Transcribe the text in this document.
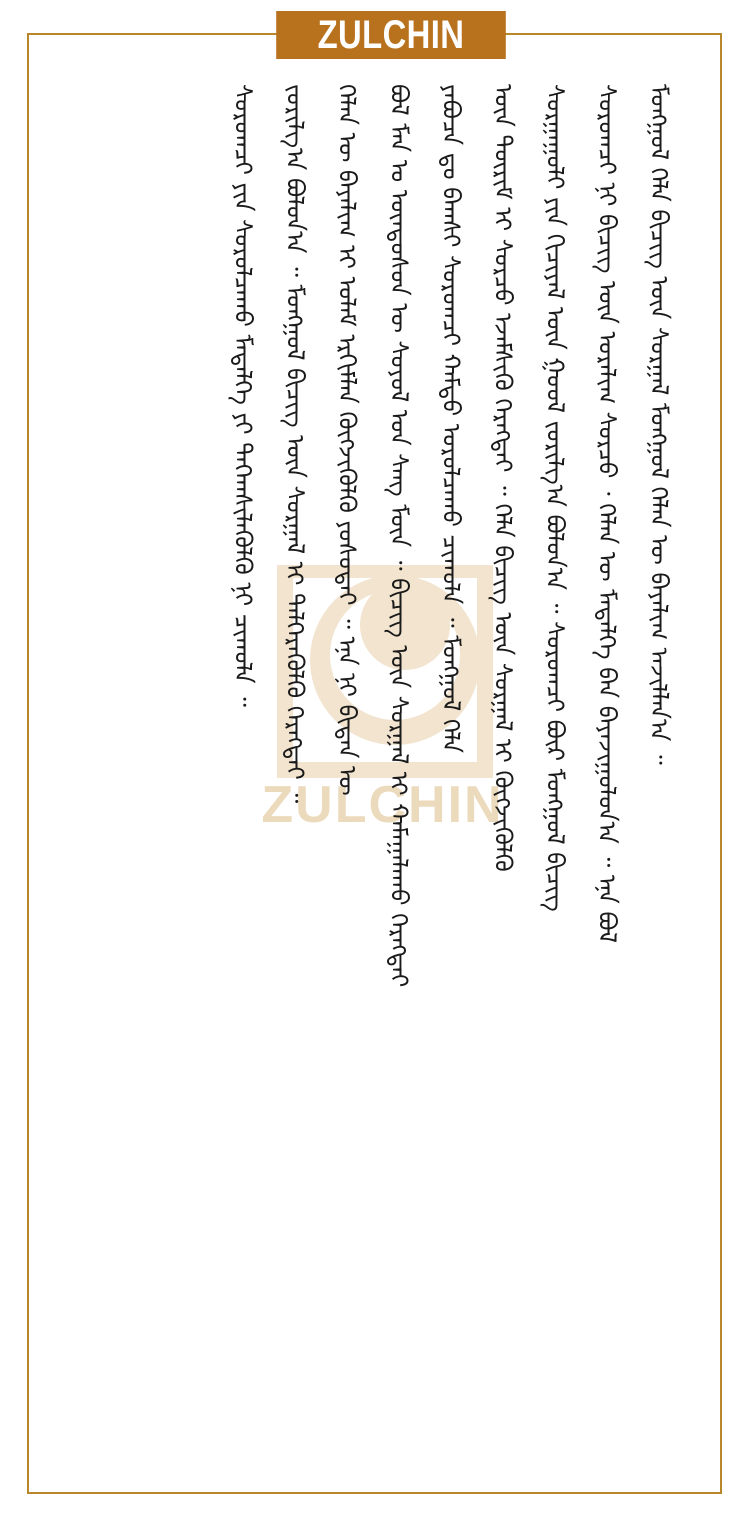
ZULCHIN
ZULCHIN
ᠮᠣᠩᠭᠣᠯ ᠬᠡᠯᠡ ᠪᠢᠴᠢᠭ ᠦᠨ ᠰᠤᠷᠭᠠᠯ ᠮᠣᠩᠭᠣᠯ ᠬᠡᠯᠡᠨ ᠦ ᠪᠠᠶᠠᠯᠢᠭ ᠠᠵᠢᠯᠯᠠᠨ᠎ᠠ ᠃
ᠰᠤᠷᠤᠭᠴᠢ ᠨᠢ ᠪᠢᠴᠢᠭ ᠦᠨ ᠤᠷᠠᠯᠢᠭ ᠰᠤᠷᠴᠤ ᠂ ᠬᠡᠯᠡᠨ ᠦ ᠮᠡᠳᠡᠯᠭᠡ ᠪᠡᠨ ᠪᠠᠶᠠᠵᠢᠭᠤᠯᠤᠨ᠎ᠠ ᠃ ᠡᠨᠡ ᠪᠣᠯ
ᠰᠤᠷᠭᠠᠭᠤᠯᠢ ᠶᠢᠨ ᠬᠢᠴᠢᠶᠡᠯ ᠦᠨ ᠭᠣᠣᠯ ᠵᠣᠷᠢᠯᠭ᠎ᠠ ᠪᠣᠯᠤᠨ᠎ᠠ ᠃ ᠰᠤᠷᠤᠭᠴᠢ ᠪᠦᠷ ᠮᠣᠩᠭᠣᠯ ᠪᠢᠴᠢᠭ
ᠦᠨ ᠳᠦᠷᠢᠮ ᠢ ᠰᠤᠷᠴᠤ ᠡᠵᠡᠮᠰᠢᠬᠦ ᠬᠡᠷᠡᠭᠲᠡᠢ ᠃ ᠬᠡᠯᠡ ᠪᠢᠴᠢᠭ ᠦᠨ ᠰᠤᠷᠭᠠᠯ ᠢ ᠬᠥᠭᠵᠢᠭᠦᠯᠬᠦ
ᠶᠠᠪᠤᠴᠠ ᠳᠤ ᠪᠠᠭᠰᠢ ᠰᠤᠷᠤᠭᠴᠢ ᠬᠠᠮᠲᠤ ᠣᠷᠤᠯᠴᠠᠬᠤ ᠴᠢᠬᠤᠯᠠ ᠃ ᠮᠣᠩᠭᠣᠯ ᠬᠡᠯᠡ
ᠪᠣᠯ ᠮᠠᠨ ᠤ ᠦᠨᠳᠦᠰᠦᠨ ᠦ ᠰᠣᠶᠣᠯ ᠤᠨ ᠰᠠᠩ ᠮᠥᠨ ᠃ ᠪᠢᠴᠢᠭ ᠦᠨ ᠰᠤᠷᠭᠠᠯ ᠢ ᠬᠠᠮᠠᠭᠠᠯᠠᠬᠤ ᠬᠡᠷᠡᠭᠲᠡᠢ
ᠬᠡᠯᠡᠨ ᠦ ᠪᠠᠶᠠᠯᠢᠭ ᠢ ᠤᠯᠠᠮ ᠡᠷᠬᠢᠮᠯᠡᠨ ᠬᠥᠭᠵᠢᠭᠦᠯᠬᠦ ᠶᠣᠰᠣᠲᠠᠢ ᠃ ᠡᠨᠡ ᠨᠢ ᠪᠢᠳᠡᠨ ᠦ
ᠵᠣᠷᠢᠯᠭ᠎ᠠ ᠪᠣᠯᠤᠨ᠎ᠠ ᠃ ᠮᠣᠩᠭᠣᠯ ᠪᠢᠴᠢᠭ ᠦᠨ ᠰᠤᠷᠭᠠᠯ ᠢ ᠳᠡᠯᠭᠡᠷᠡᠭᠦᠯᠬᠦ ᠬᠡᠷᠡᠭᠲᠡᠢ ᠃
ᠰᠤᠷᠤᠭᠴᠢ ᠶᠢᠨ ᠰᠤᠷᠤᠯᠴᠠᠬᠤ ᠮᠡᠳᠡᠯᠭᠡ ᠶᠢ ᠳᠡᠭᠡᠭ᠍ᠰᠢᠯᠡᠭᠦᠯᠬᠦ ᠨᠢ ᠴᠢᠬᠤᠯᠠ ᠃
